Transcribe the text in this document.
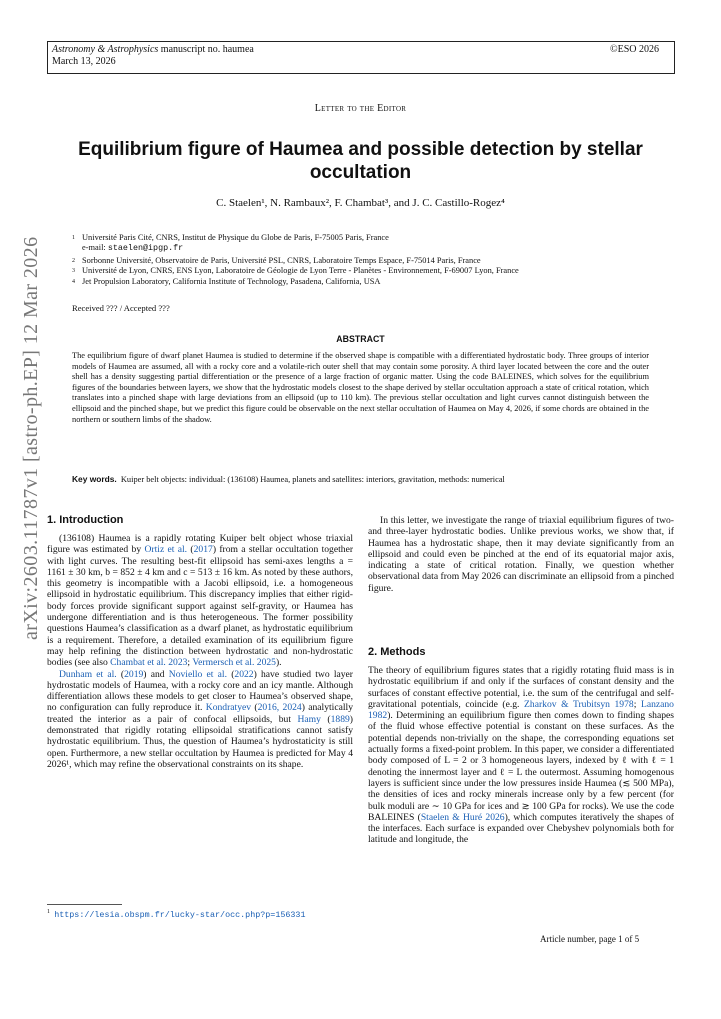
Astronomy & Astrophysics manuscript no. haumea
March 13, 2026
©ESO 2026
Letter to the Editor
Equilibrium figure of Haumea and possible detection by stellar occultation
C. Staelen¹, N. Rambaux², F. Chambat³, and J. C. Castillo-Rogez⁴
1 Université Paris Cité, CNRS, Institut de Physique du Globe de Paris, F-75005 Paris, France
e-mail: staelen@ipgp.fr
2 Sorbonne Université, Observatoire de Paris, Université PSL, CNRS, Laboratoire Temps Espace, F-75014 Paris, France
3 Université de Lyon, CNRS, ENS Lyon, Laboratoire de Géologie de Lyon Terre - Planètes - Environnement, F-69007 Lyon, France
4 Jet Propulsion Laboratory, California Institute of Technology, Pasadena, California, USA
Received ??? / Accepted ???
ABSTRACT
The equilibrium figure of dwarf planet Haumea is studied to determine if the observed shape is compatible with a differentiated hydrostatic body. Three groups of interior models of Haumea are assumed, all with a rocky core and a volatile-rich outer shell that may contain some porosity. A third layer located between the core and the outer shell has a density suggesting partial differentiation or the presence of a large fraction of organic matter. Using the code BALEINES, which solves for the equilibrium figures of the boundaries between layers, we show that the hydrostatic models closest to the shape derived by stellar occultation approach a state of critical rotation, which translates into a pinched shape with large deviations from an ellipsoid (up to 110 km). The previous stellar occultation and light curves cannot distinguish between the ellipsoid and the pinched shape, but we predict this figure could be observable on the next stellar occultation of Haumea on May 4, 2026, if some chords are obtained in the northern or southern limbs of the shadow.
Key words. Kuiper belt objects: individual: (136108) Haumea, planets and satellites: interiors, gravitation, methods: numerical
arXiv:2603.11787v1 [astro-ph.EP] 12 Mar 2026 1. Introduction

(136108) Haumea is a rapidly rotating Kuiper belt object whose triaxial figure was estimated by Ortiz et al. (2017) from a stellar occultation together with light curves. The resulting best-fit ellipsoid has semi-axes lengths a = 1161 ± 30 km, b = 852 ± 4 km and c = 513 ± 16 km. As noted by these authors, this geometry is incompatible with a Jacobi ellipsoid, i.e. a homogeneous ellipsoid in hydrostatic equilibrium. This discrepancy implies that either rigid-body forces provide significant support against self-gravity, or Haumea has undergone differentiation and is thus heterogeneous. The former possibility questions Haumea’s classification as a dwarf planet, as hydrostatic equilibrium is a requirement. Therefore, a detailed examination of its equilibrium figure may help refining the distinction between hydrostatic and non-hydrostatic bodies (see also Chambat et al. 2023; Vermersch et al. 2025).

Dunham et al. (2019) and Noviello et al. (2022) have studied two layer hydrostatic models of Haumea, with a rocky core and an icy mantle. Although differentiation allows these models to get closer to Haumea’s observed shape, no configuration can fully reproduce it. Kondratyev (2016, 2024) analytically treated the interior as a pair of confocal ellipsoids, but Hamy (1889) demonstrated that rigidly rotating ellipsoidal stratifications cannot satisfy hydrostatic equilibrium. Thus, the question of Haumea’s hydrostaticity is still open. Furthermore, a new stellar occultation by Haumea is predicted for May 4 2026¹, which may refine the observational constraints on its shape.

$^1$ https://lesia.obspm.fr/lucky-star/occ.php?p=156331

In this letter, we investigate the range of triaxial equilibrium figures of two- and three-layer hydrostatic bodies. Unlike previous works, we show that, if Haumea has a hydrostatic shape, then it may deviate significantly from an ellipsoid and could even be pinched at the end of its equatorial major axis, indicating a state of critical rotation. Finally, we question whether observational data from May 2026 can discriminate an ellipsoid from a pinched figure.

2. Methods

The theory of equilibrium figures states that a rigidly rotating fluid mass is in hydrostatic equilibrium if and only if the surfaces of constant density and the surfaces of constant effective potential, i.e. the sum of the centrifugal and self-gravitational potentials, coincide (e.g. Zharkov & Trubitsyn 1978; Lanzano 1982). Determining an equilibrium figure then comes down to finding shapes of the fluid whose effective potential is constant on these surfaces. As the potential depends non-trivially on the shape, the corresponding equations set actually forms a fixed-point problem. In this paper, we consider a differentiated body composed of L = 2 or 3 homogeneous layers, indexed by ℓ with ℓ = 1 denoting the innermost layer and ℓ = L the outermost. Assuming homogenous layers is sufficient since under the low pressures inside Haumea (≲ 500 MPa), the densities of ices and rocky minerals increase only by a few percent (for bulk moduli are ∼ 10 GPa for ices and ≳ 100 GPa for rocks). We use the code BALEINES (Staelen & Huré 2026), which computes iteratively the shapes of the interfaces. Each surface is expanded over Chebyshev polynomials both for latitude and longitude, the

Article number, page 1 of 5
